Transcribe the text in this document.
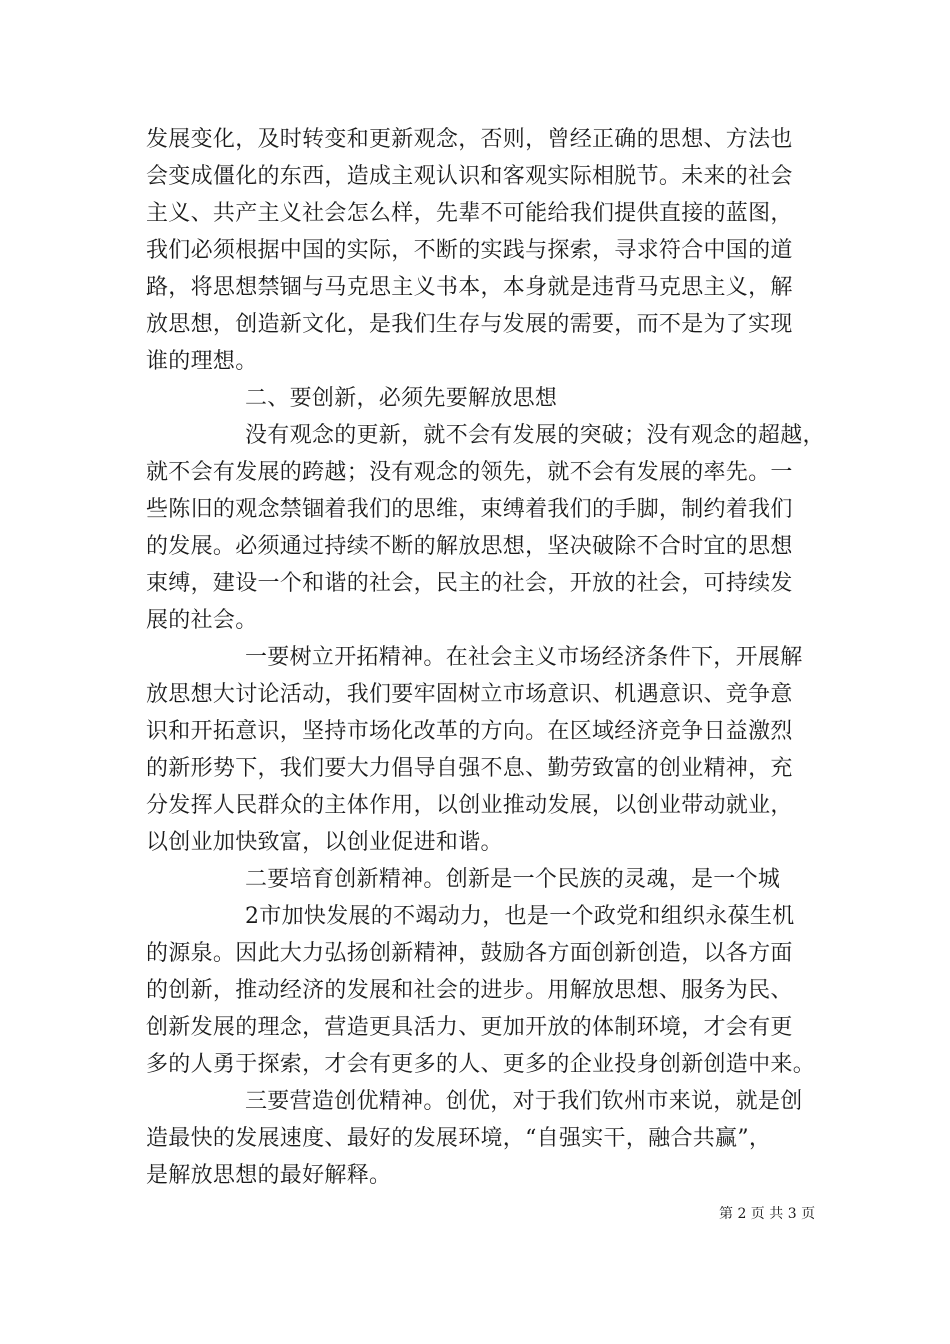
发展变化，及时转变和更新观念，否则，曾经正确的思想、方法也
会变成僵化的东西，造成主观认识和客观实际相脱节。未来的社会
主义、共产主义社会怎么样，先辈不可能给我们提供直接的蓝图，
我们必须根据中国的实际，不断的实践与探索，寻求符合中国的道
路，将思想禁锢与马克思主义书本，本身就是违背马克思主义，解
放思想，创造新文化，是我们生存与发展的需要，而不是为了实现
谁的理想。
二、要创新，必须先要解放思想
没有观念的更新，就不会有发展的突破；没有观念的超越，
就不会有发展的跨越；没有观念的领先，就不会有发展的率先。一
些陈旧的观念禁锢着我们的思维，束缚着我们的手脚，制约着我们
的发展。必须通过持续不断的解放思想，坚决破除不合时宜的思想
束缚，建设一个和谐的社会，民主的社会，开放的社会，可持续发
展的社会。
一要树立开拓精神。在社会主义市场经济条件下，开展解
放思想大讨论活动，我们要牢固树立市场意识、机遇意识、竞争意
识和开拓意识，坚持市场化改革的方向。在区域经济竞争日益激烈
的新形势下，我们要大力倡导自强不息、勤劳致富的创业精神，充
分发挥人民群众的主体作用，以创业推动发展，以创业带动就业，
以创业加快致富，以创业促进和谐。
二要培育创新精神。创新是一个民族的灵魂，是一个城
2市加快发展的不竭动力，也是一个政党和组织永葆生机
的源泉。因此大力弘扬创新精神，鼓励各方面创新创造，以各方面
的创新，推动经济的发展和社会的进步。用解放思想、服务为民、
创新发展的理念，营造更具活力、更加开放的体制环境，才会有更
多的人勇于探索，才会有更多的人、更多的企业投身创新创造中来。
三要营造创优精神。创优，对于我们钦州市来说，就是创
造最快的发展速度、最好的发展环境，“自强实干，融合共赢”，
是解放思想的最好解释。
第 2 页 共 3 页
